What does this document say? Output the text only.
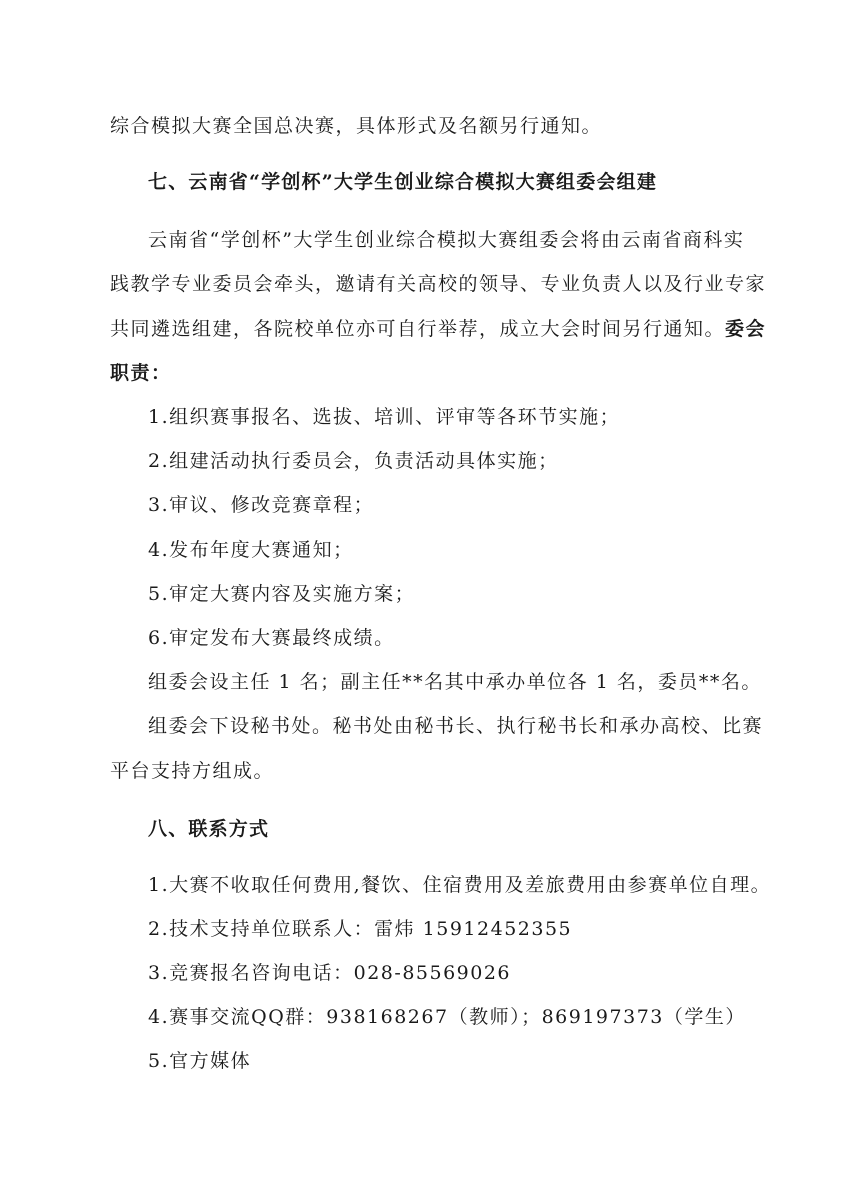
综合模拟大赛全国总决赛，具体形式及名额另行通知。
七、云南省“学创杯”大学生创业综合模拟大赛组委会组建
云南省“学创杯”大学生创业综合模拟大赛组委会将由云南省商科实
践教学专业委员会牵头，邀请有关高校的领导、专业负责人以及行业专家
共同遴选组建，各院校单位亦可自行举荐，成立大会时间另行通知。委会
职责：
1.组织赛事报名、选拔、培训、评审等各环节实施；
2.组建活动执行委员会，负责活动具体实施；
3.审议、修改竞赛章程；
4.发布年度大赛通知；
5.审定大赛内容及实施方案；
6.审定发布大赛最终成绩。
组委会设主任 1 名；副主任**名其中承办单位各 1 名，委员**名。
组委会下设秘书处。秘书处由秘书长、执行秘书长和承办高校、比赛
平台支持方组成。
八、联系方式
1.大赛不收取任何费用,餐饮、住宿费用及差旅费用由参赛单位自理。
2.技术支持单位联系人：雷炜 15912452355
3.竞赛报名咨询电话：028-85569026
4.赛事交流QQ群：938168267（教师）；869197373（学生）
5.官方媒体
